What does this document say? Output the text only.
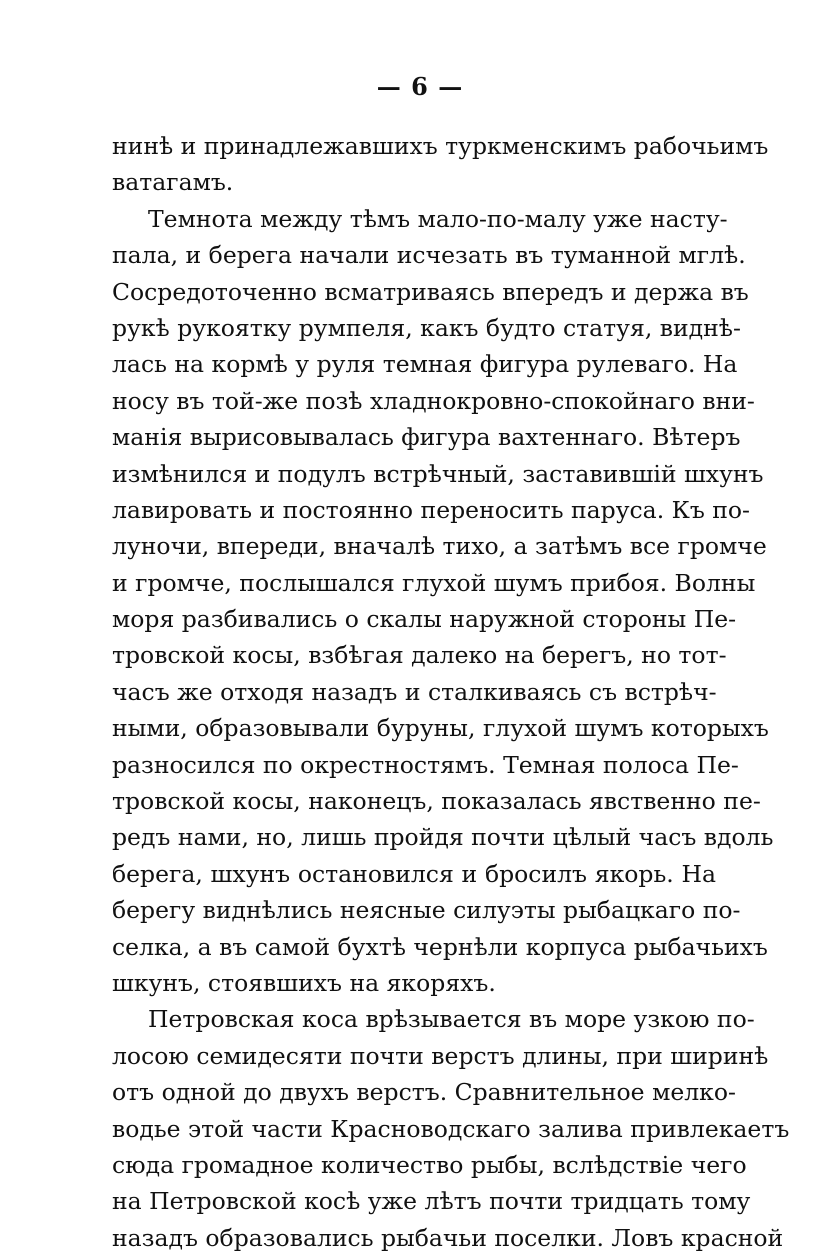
— 6 —
нинѣ и принадлежавшихъ туркменскимъ рабочьимъ
ватагамъ.
Темнота между тѣмъ мало-по-малу уже насту-
пала, и берега начали исчезать въ туманной мглѣ.
Сосредоточенно всматриваясь впередъ и держа въ
рукѣ рукоятку румпеля, какъ будто статуя, виднѣ-
лась на кормѣ у руля темная фигура рулеваго. На
носу въ той-же позѣ хладнокровно-спокойнаго вни-
манія вырисовывалась фигура вахтеннаго. Вѣтеръ
измѣнился и подулъ встрѣчный, заставившій шхунъ
лавировать и постоянно переносить паруса. Къ по-
луночи, впереди, вначалѣ тихо, а затѣмъ все громче
и громче, послышался глухой шумъ прибоя. Волны
моря разбивались о скалы наружной стороны Пе-
тровской косы, взбѣгая далеко на берегъ, но тот-
часъ же отходя назадъ и сталкиваясь съ встрѣч-
ными, образовывали буруны, глухой шумъ которыхъ
разносился по окрестностямъ. Темная полоса Пе-
тровской косы, наконецъ, показалась явственно пе-
редъ нами, но, лишь пройдя почти цѣлый часъ вдоль
берега, шхунъ остановился и бросилъ якорь. На
берегу виднѣлись неясные силуэты рыбацкаго по-
селка, а въ самой бухтѣ чернѣли корпуса рыбачьихъ
шкунъ, стоявшихъ на якоряхъ.
Петровская коса врѣзывается въ море узкою по-
лосою семидесяти почти верстъ длины, при ширинѣ
отъ одной до двухъ верстъ. Сравнительное мелко-
водье этой части Красноводскаго залива привлекаетъ
сюда громадное количество рыбы, вслѣдствіе чего
на Петровской косѣ уже лѣтъ почти тридцать тому
назадъ образовались рыбачьи поселки. Ловъ красной
